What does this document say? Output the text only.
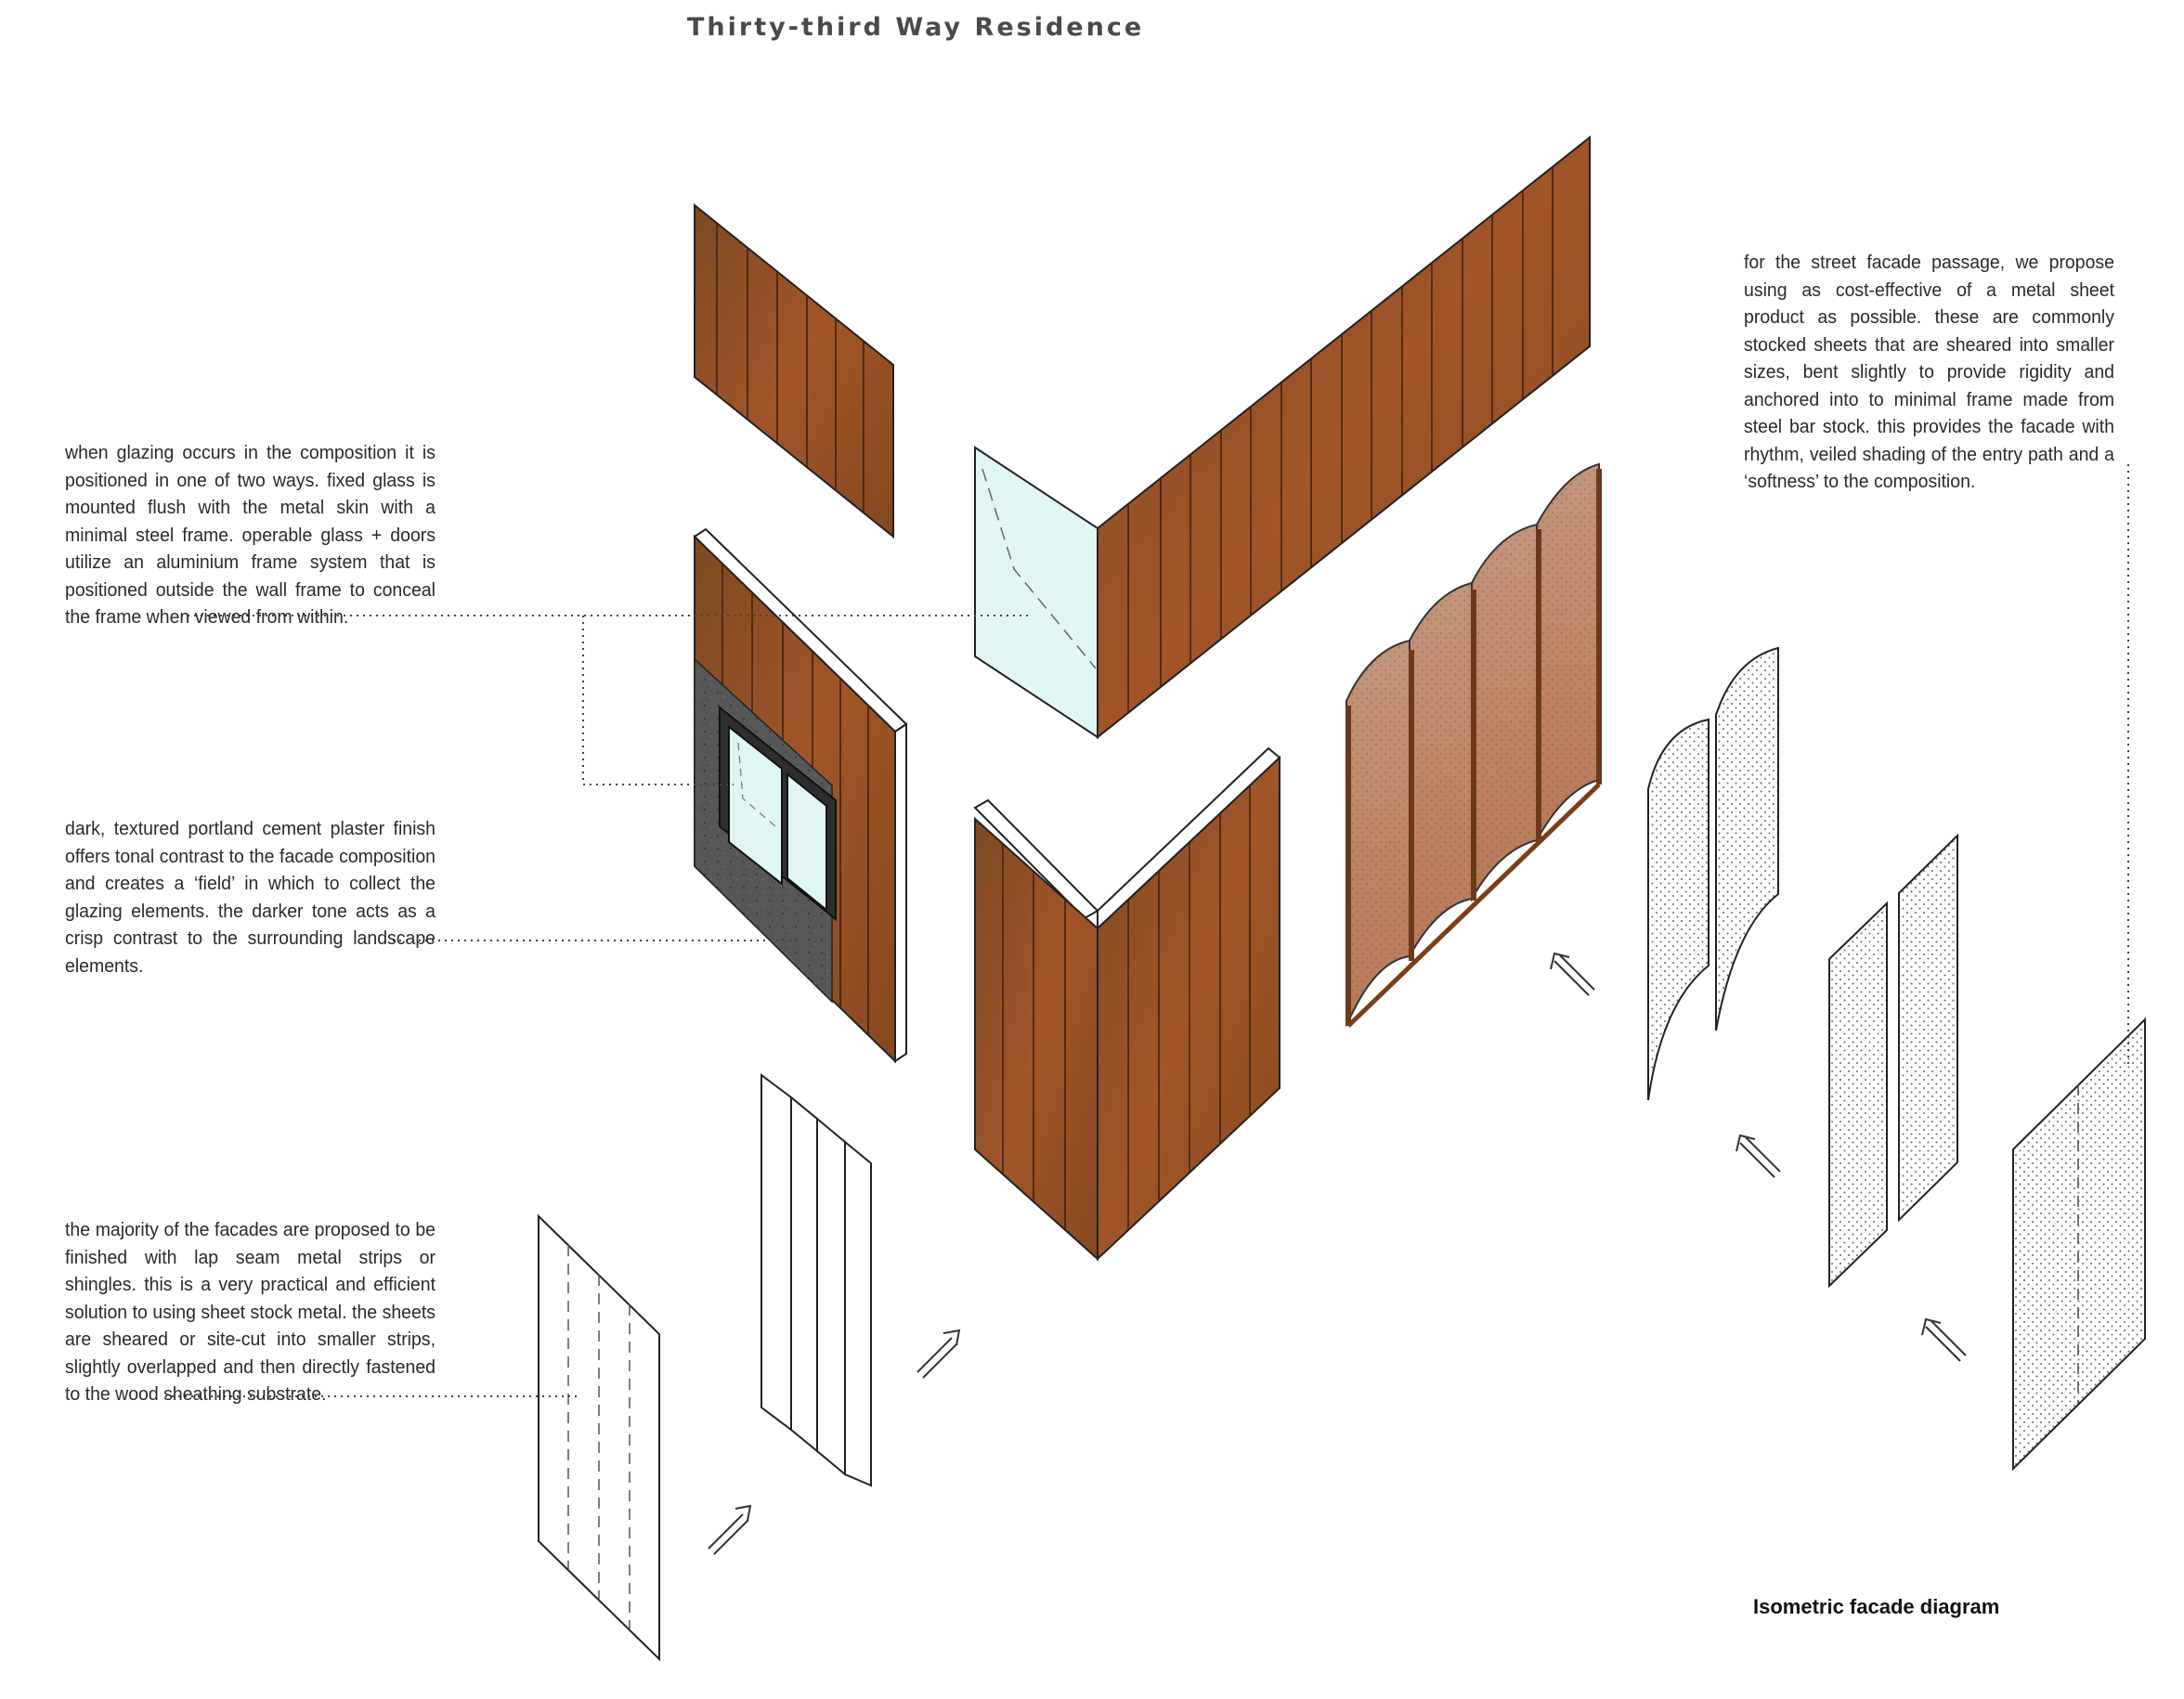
Thirty-third Way Residence
when glazing occurs in the composition it is positioned in one of two ways. fixed glass is mounted flush with the metal skin with a minimal steel frame. operable glass + doors utilize an aluminium frame system that is positioned outside the wall frame to conceal the frame when viewed from within.
dark, textured portland cement plaster finish offers tonal contrast to the facade composition and creates a ‘field’ in which to collect the glazing elements. the darker tone acts as a crisp contrast to the surrounding landscape elements.
the majority of the facades are proposed to be finished with lap seam metal strips or shingles. this is a very practical and efficient solution to using sheet stock metal. the sheets are sheared or site-cut into smaller strips, slightly overlapped and then directly fastened to the wood sheathing substrate.
for the street facade passage, we propose using as cost-effective of a metal sheet product as possible. these are commonly stocked sheets that are sheared into smaller sizes, bent slightly to provide rigidity and anchored into to minimal frame made from steel bar stock. this provides the facade with rhythm, veiled shading of the entry path and a ‘softness’ to the composition.
Isometric facade diagram
